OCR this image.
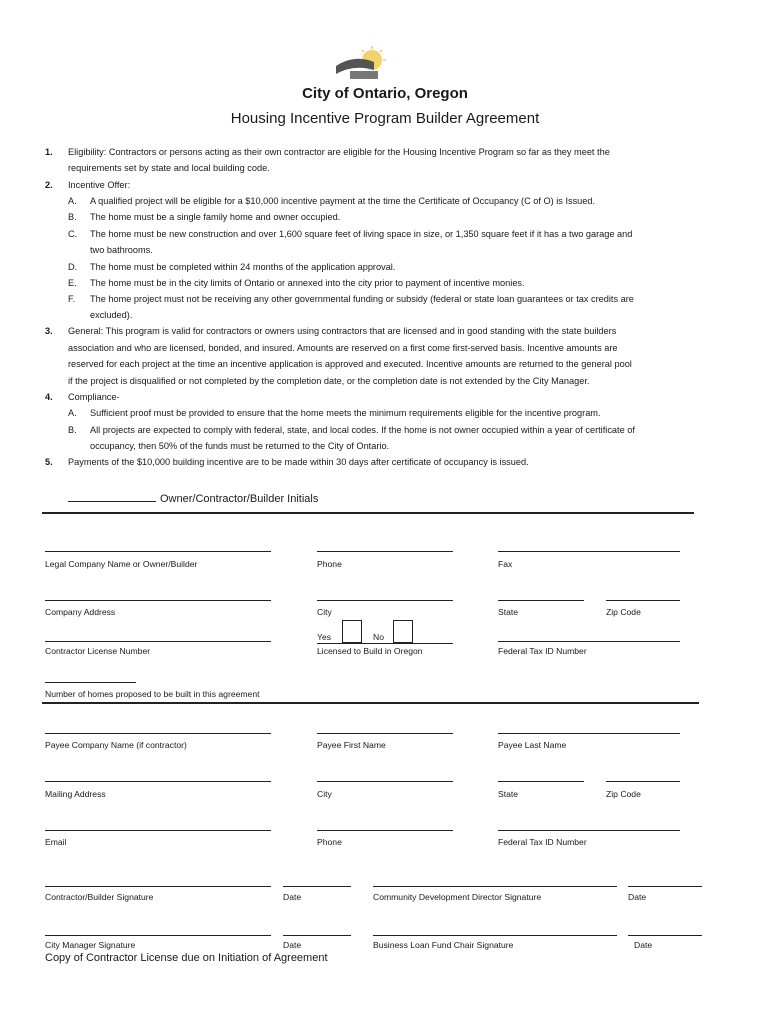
City of Ontario, Oregon
Housing Incentive Program Builder Agreement
1. Eligibility: Contractors or persons acting as their own contractor are eligible for the Housing Incentive Program so far as they meet the
requirements set by state and local building code.
2. Incentive Offer:
A. A qualified project will be eligible for a $10,000 incentive payment at the time the Certificate of Occupancy (C of O) is Issued.
B. The home must be a single family home and owner occupied.
C. The home must be new construction and over 1,600 square feet of living space in size, or 1,350 square feet if it has a two garage and
two bathrooms.
D. The home must be completed within 24 months of the application approval.
E. The home must be in the city limits of Ontario or annexed into the city prior to payment of incentive monies.
F. The home project must not be receiving any other governmental funding or subsidy (federal or state loan guarantees or tax credits are
excluded).
3. General: This program is valid for contractors or owners using contractors that are licensed and in good standing with the state builders
association and who are licensed, bonded, and insured. Amounts are reserved on a first come first-served basis. Incentive amounts are
reserved for each project at the time an incentive application is approved and executed. Incentive amounts are returned to the general pool
if the project is disqualified or not completed by the completion date, or the completion date is not extended by the City Manager.
4. Compliance-
A. Sufficient proof must be provided to ensure that the home meets the minimum requirements eligible for the incentive program.
B. All projects are expected to comply with federal, state, and local codes. If the home is not owner occupied within a year of certificate of
occupancy, then 50% of the funds must be returned to the City of Ontario.
5. Payments of the $10,000 building incentive are to be made within 30 days after certificate of occupancy is issued.
Owner/Contractor/Builder Initials
Legal Company Name or Owner/Builder	Phone	Fax
Company Address	City	State	Zip Code
Yes	No
Contractor License Number	Licensed to Build in Oregon	Federal Tax ID Number
Number of homes proposed to be built in this agreement
Payee Company Name (if contractor)	Payee First Name	Payee Last Name
Mailing Address	City	State	Zip Code
Email	Phone	Federal Tax ID Number
Contractor/Builder Signature	Date	Community Development Director Signature	Date
City Manager Signature	Date	Business Loan Fund Chair Signature	Date
Copy of Contractor License due on Initiation of Agreement
